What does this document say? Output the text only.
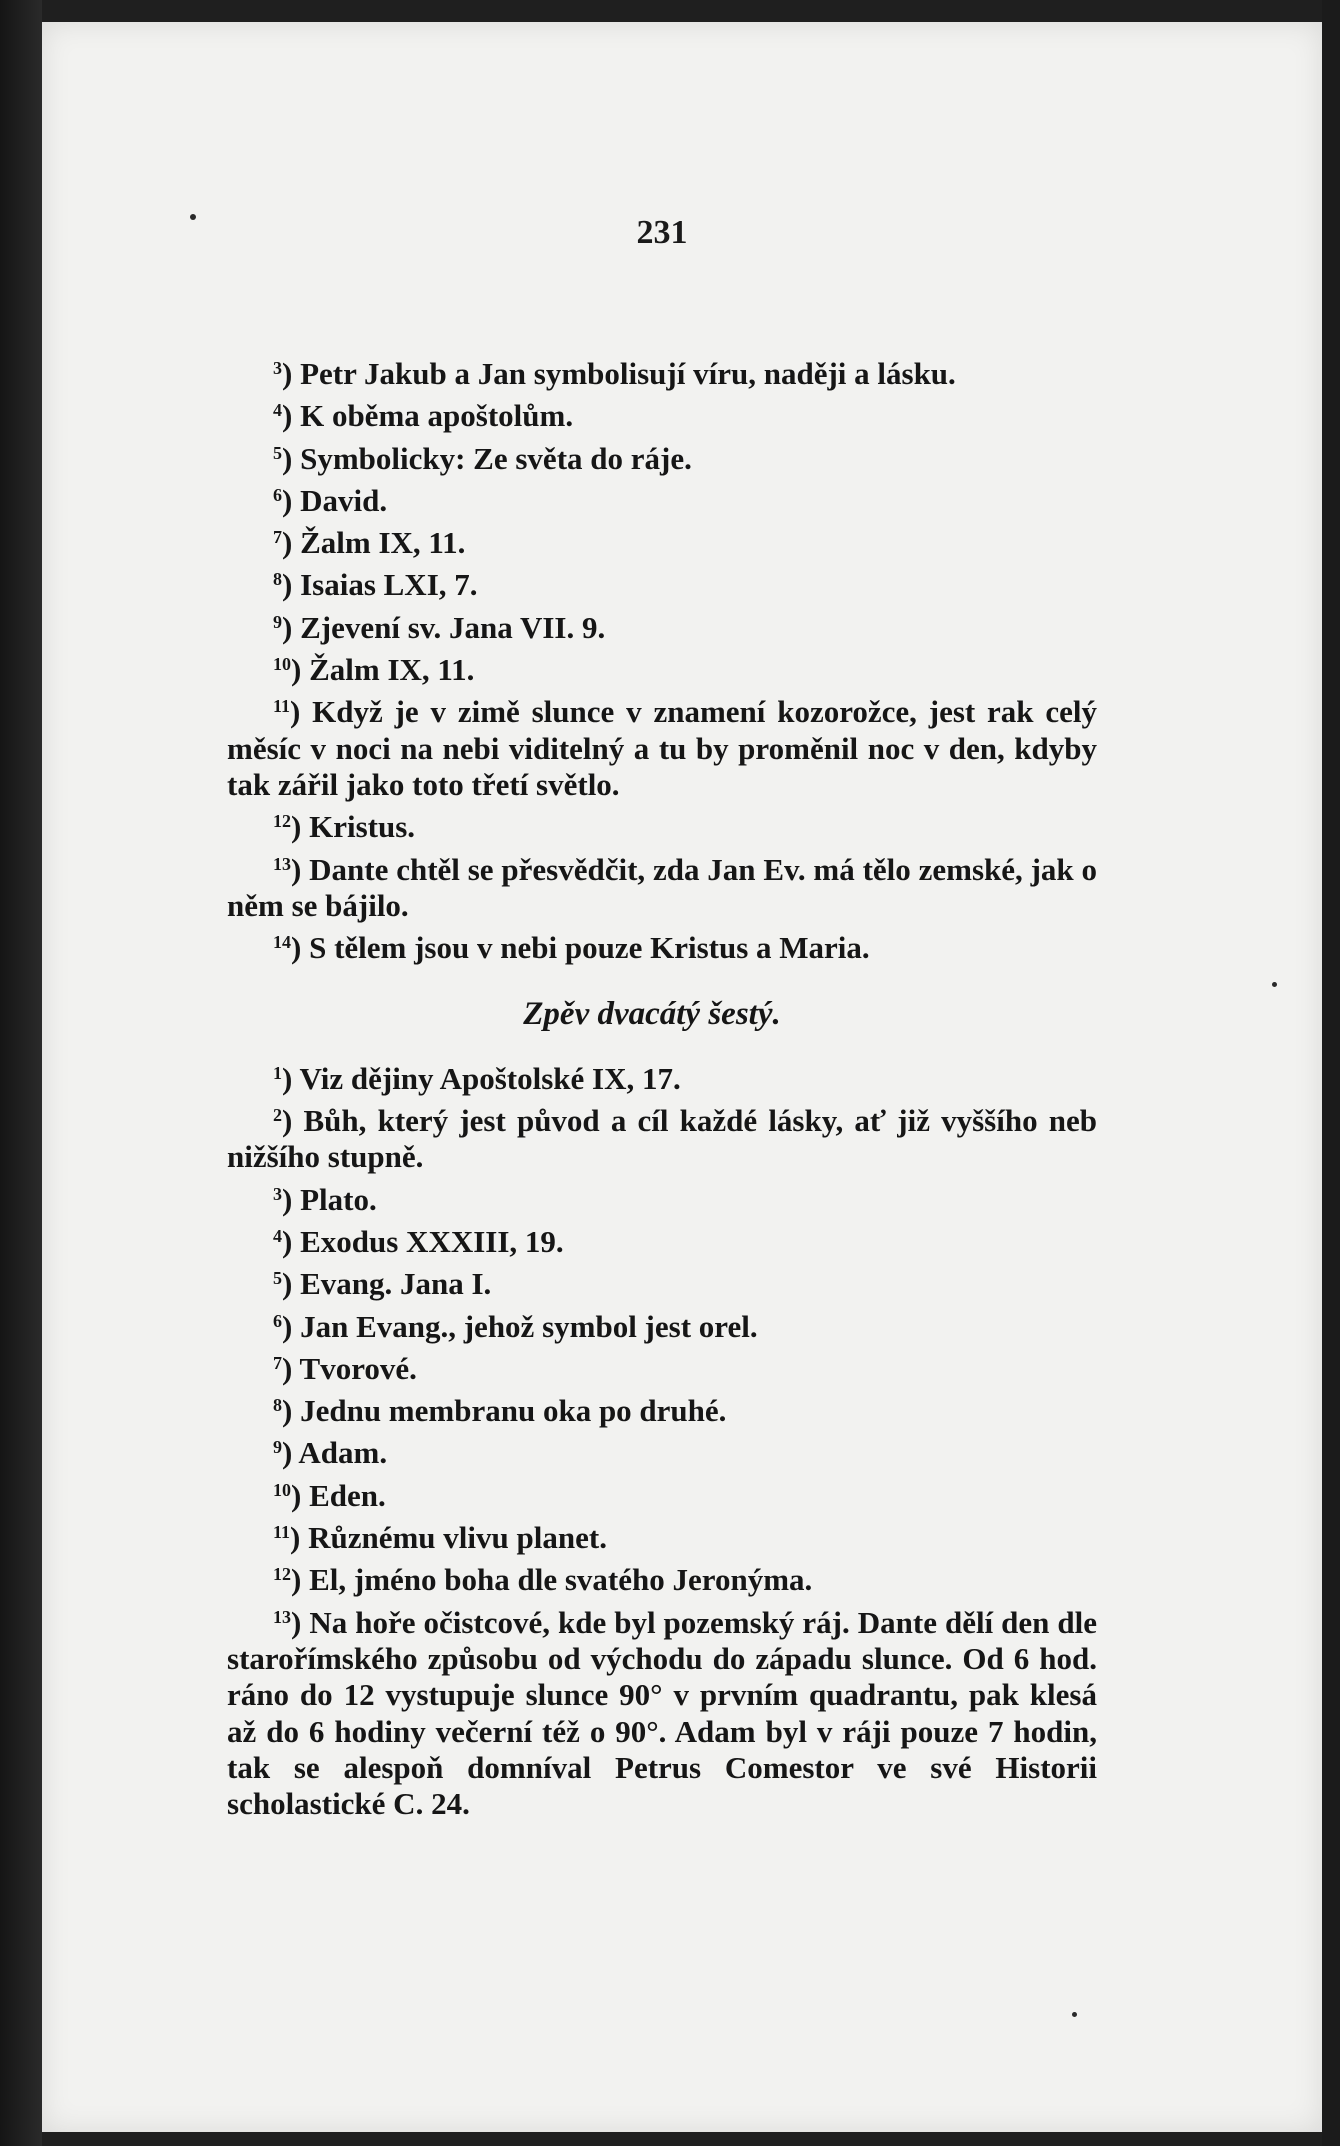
231

$^3$) Petr Jakub a Jan symbolisují víru, naději a lásku.

$^4$) K oběma apoštolům.

$^5$) Symbolicky: Ze světa do ráje.

$^6$) David.

$^7$) Žalm IX, 11.

$^8$) Isaias LXI, 7.

$^9$) Zjevení sv. Jana VII. 9.

$^{10}$) Žalm IX, 11.

$^{11}$) Když je v zimě slunce v znamení kozorožce, jest rak celý měsíc v noci na nebi viditelný a tu by proměnil noc v den, kdyby tak zářil jako toto třetí světlo.

$^{12}$) Kristus.

$^{13}$) Dante chtěl se přesvědčit, zda Jan Ev. má tělo zemské, jak o něm se bájilo.

$^{14}$) S tělem jsou v nebi pouze Kristus a Maria.

Zpěv dvacátý šestý.

$^1$) Viz dějiny Apoštolské IX, 17.

$^2$) Bůh, který jest původ a cíl každé lásky, ať již vyššího neb nižšího stupně.

$^3$) Plato.

$^4$) Exodus XXXIII, 19.

$^5$) Evang. Jana I.

$^6$) Jan Evang., jehož symbol jest orel.

$^7$) Tvorové.

$^8$) Jednu membranu oka po druhé.

$^9$) Adam.

$^{10}$) Eden.

$^{11}$) Různému vlivu planet.

$^{12}$) El, jméno boha dle svatého Jeronýma.

$^{13}$) Na hoře očistcové, kde byl pozemský ráj. Dante dělí den dle starořímského způsobu od východu do západu slunce. Od 6 hod. ráno do 12 vystupuje slunce 90° v prvním quadrantu, pak klesá až do 6 hodiny večerní též o 90°. Adam byl v ráji pouze 7 hodin, tak se alespoň domníval Petrus Comestor ve své Historii scholastické C. 24.
